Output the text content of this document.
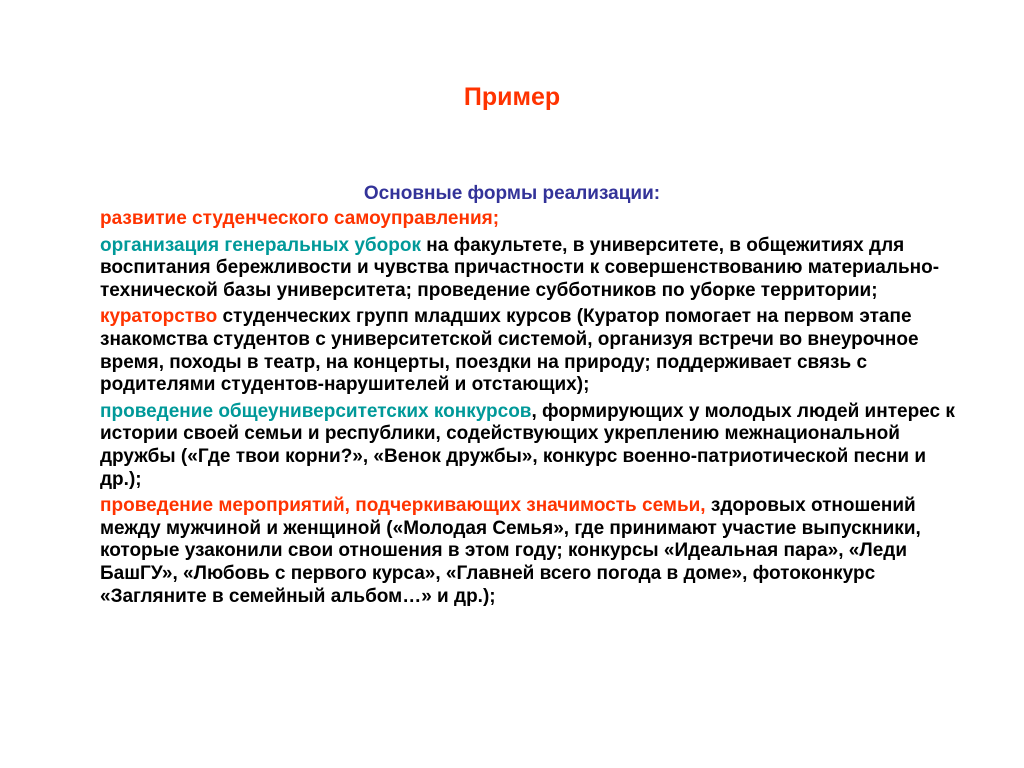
Пример
Основные формы реализации:

развитие студенческого самоуправления;

организация генеральных уборок на факультете, в университете, в общежитиях для воспитания бережливости и чувства причастности к совершенствованию материально-технической базы университета; проведение субботников по уборке территории;

кураторство студенческих групп младших курсов (Куратор помогает на первом этапе знакомства студентов с университетской системой, организуя встречи во внеурочное время, походы в театр, на концерты, поездки на природу; поддерживает связь с родителями студентов-нарушителей и отстающих);

проведение общеуниверситетских конкурсов, формирующих у молодых людей интерес к истории своей семьи и республики, содействующих укреплению межнациональной дружбы («Где твои корни?», «Венок дружбы», конкурс военно-патриотической песни и др.);

проведение мероприятий, подчеркивающих значимость семьи, здоровых отношений между мужчиной и женщиной («Молодая Семья», где принимают участие выпускники, которые узаконили свои отношения в этом году; конкурсы «Идеальная пара», «Леди БашГУ», «Любовь с первого курса», «Главней всего погода в доме», фотоконкурс «Загляните в семейный альбом…» и др.);
